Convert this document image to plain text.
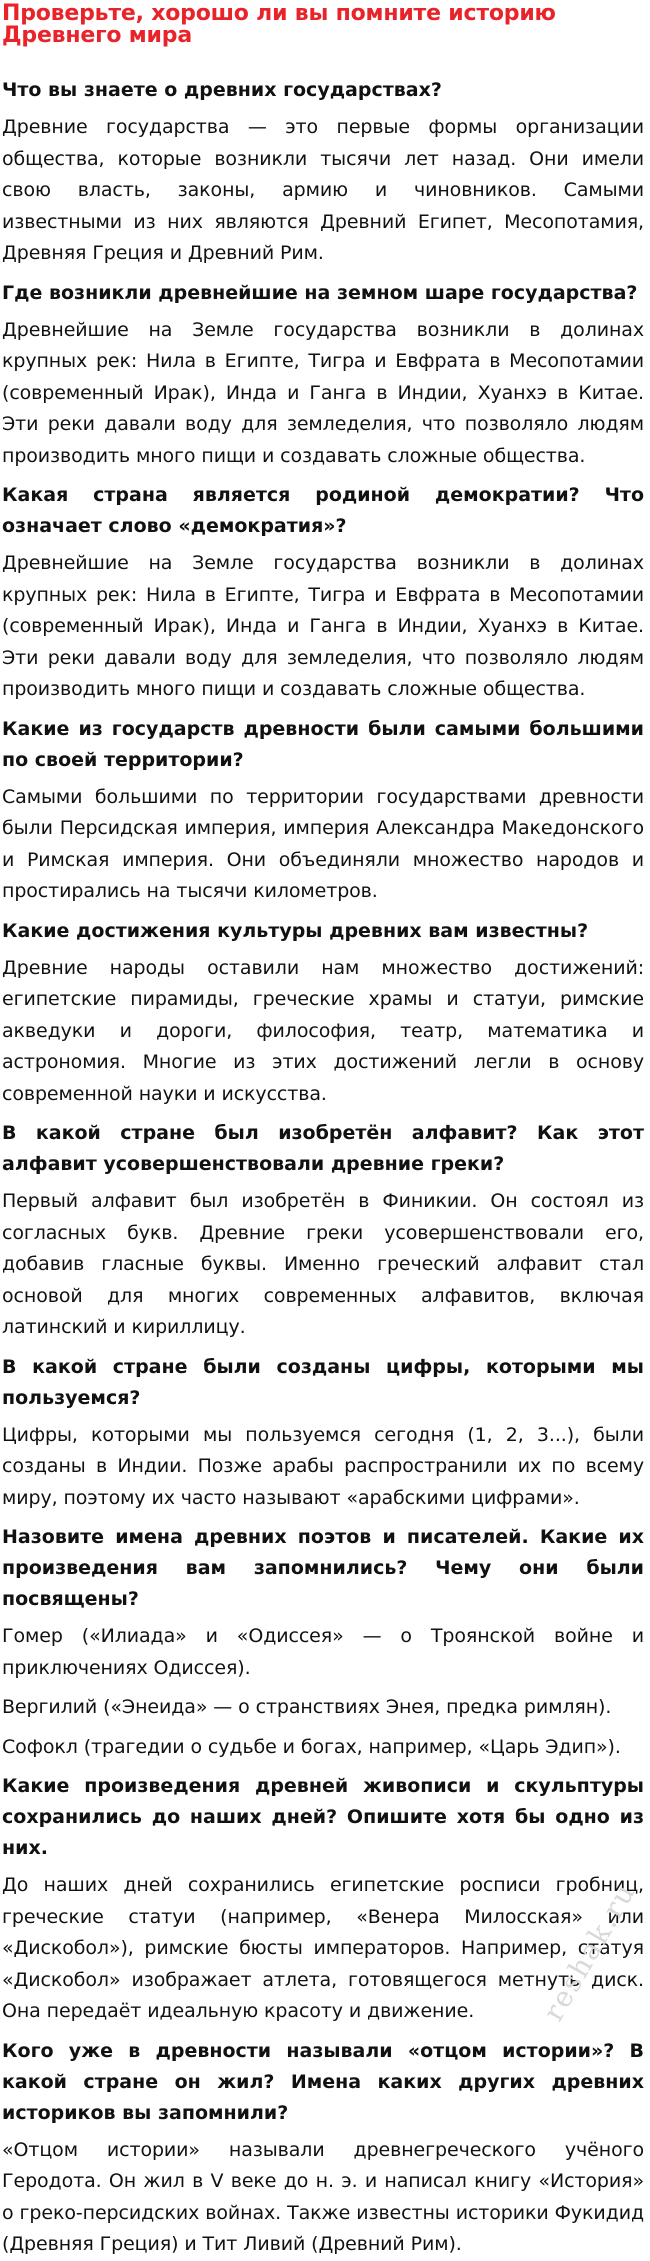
Проверьте, хорошо ли вы помните историю
Древнего мира

Что вы знаете о древних государствах?

Древние государства — это первые формы организации общества, которые возникли тысячи лет назад. Они имели свою власть, законы, армию и чиновников. Самыми известными из них являются Древний Египет, Месопотамия, Древняя Греция и Древний Рим.

Где возникли древнейшие на земном шаре государства?

Древнейшие на Земле государства возникли в долинах крупных рек: Нила в Египте, Тигра и Евфрата в Месопотамии (современный Ирак), Инда и Ганга в Индии, Хуанхэ в Китае. Эти реки давали воду для земледелия, что позволяло людям производить много пищи и создавать сложные общества.

Какая страна является родиной демократии? Что означает слово «демократия»?

Древнейшие на Земле государства возникли в долинах крупных рек: Нила в Египте, Тигра и Евфрата в Месопотамии (современный Ирак), Инда и Ганга в Индии, Хуанхэ в Китае. Эти реки давали воду для земледелия, что позволяло людям производить много пищи и создавать сложные общества.

Какие из государств древности были самыми большими по своей территории?

Самыми большими по территории государствами древности были Персидская империя, империя Александра Македонского и Римская империя. Они объединяли множество народов и простирались на тысячи километров.

Какие достижения культуры древних вам известны?

Древние народы оставили нам множество достижений: египетские пирамиды, греческие храмы и статуи, римские акведуки и дороги, философия, театр, математика и астрономия. Многие из этих достижений легли в основу современной науки и искусства.

В какой стране был изобретён алфавит? Как этот алфавит усовершенствовали древние греки?

Первый алфавит был изобретён в Финикии. Он состоял из согласных букв. Древние греки усовершенствовали его, добавив гласные буквы. Именно греческий алфавит стал основой для многих современных алфавитов, включая латинский и кириллицу.

В какой стране были созданы цифры, которыми мы пользуемся?

Цифры, которыми мы пользуемся сегодня (1, 2, 3...), были созданы в Индии. Позже арабы распространили их по всему миру, поэтому их часто называют «арабскими цифрами».

Назовите имена древних поэтов и писателей. Какие их произведения вам запомнились? Чему они были посвящены?

Гомер («Илиада» и «Одиссея» — о Троянской войне и приключениях Одиссея).

Вергилий («Энеида» — о странствиях Энея, предка римлян).

Софокл (трагедии о судьбе и богах, например, «Царь Эдип»).

Какие произведения древней живописи и скульптуры сохранились до наших дней? Опишите хотя бы одно из них.

До наших дней сохранились египетские росписи гробниц, греческие статуи (например, «Венера Милосская» или «Дискобол»), римские бюсты императоров. Например, статуя «Дискобол» изображает атлета, готовящегося метнуть диск. Она передаёт идеальную красоту и движение.

Кого уже в древности называли «отцом истории»? В какой стране он жил? Имена каких других древних историков вы запомнили?

«Отцом истории» называли древнегреческого учёного Геродота. Он жил в V веке до н. э. и написал книгу «История» о греко-персидских войнах. Также известны историки Фукидид (Древняя Греция) и Тит Ливий (Древний Рим).

reshak.ru
